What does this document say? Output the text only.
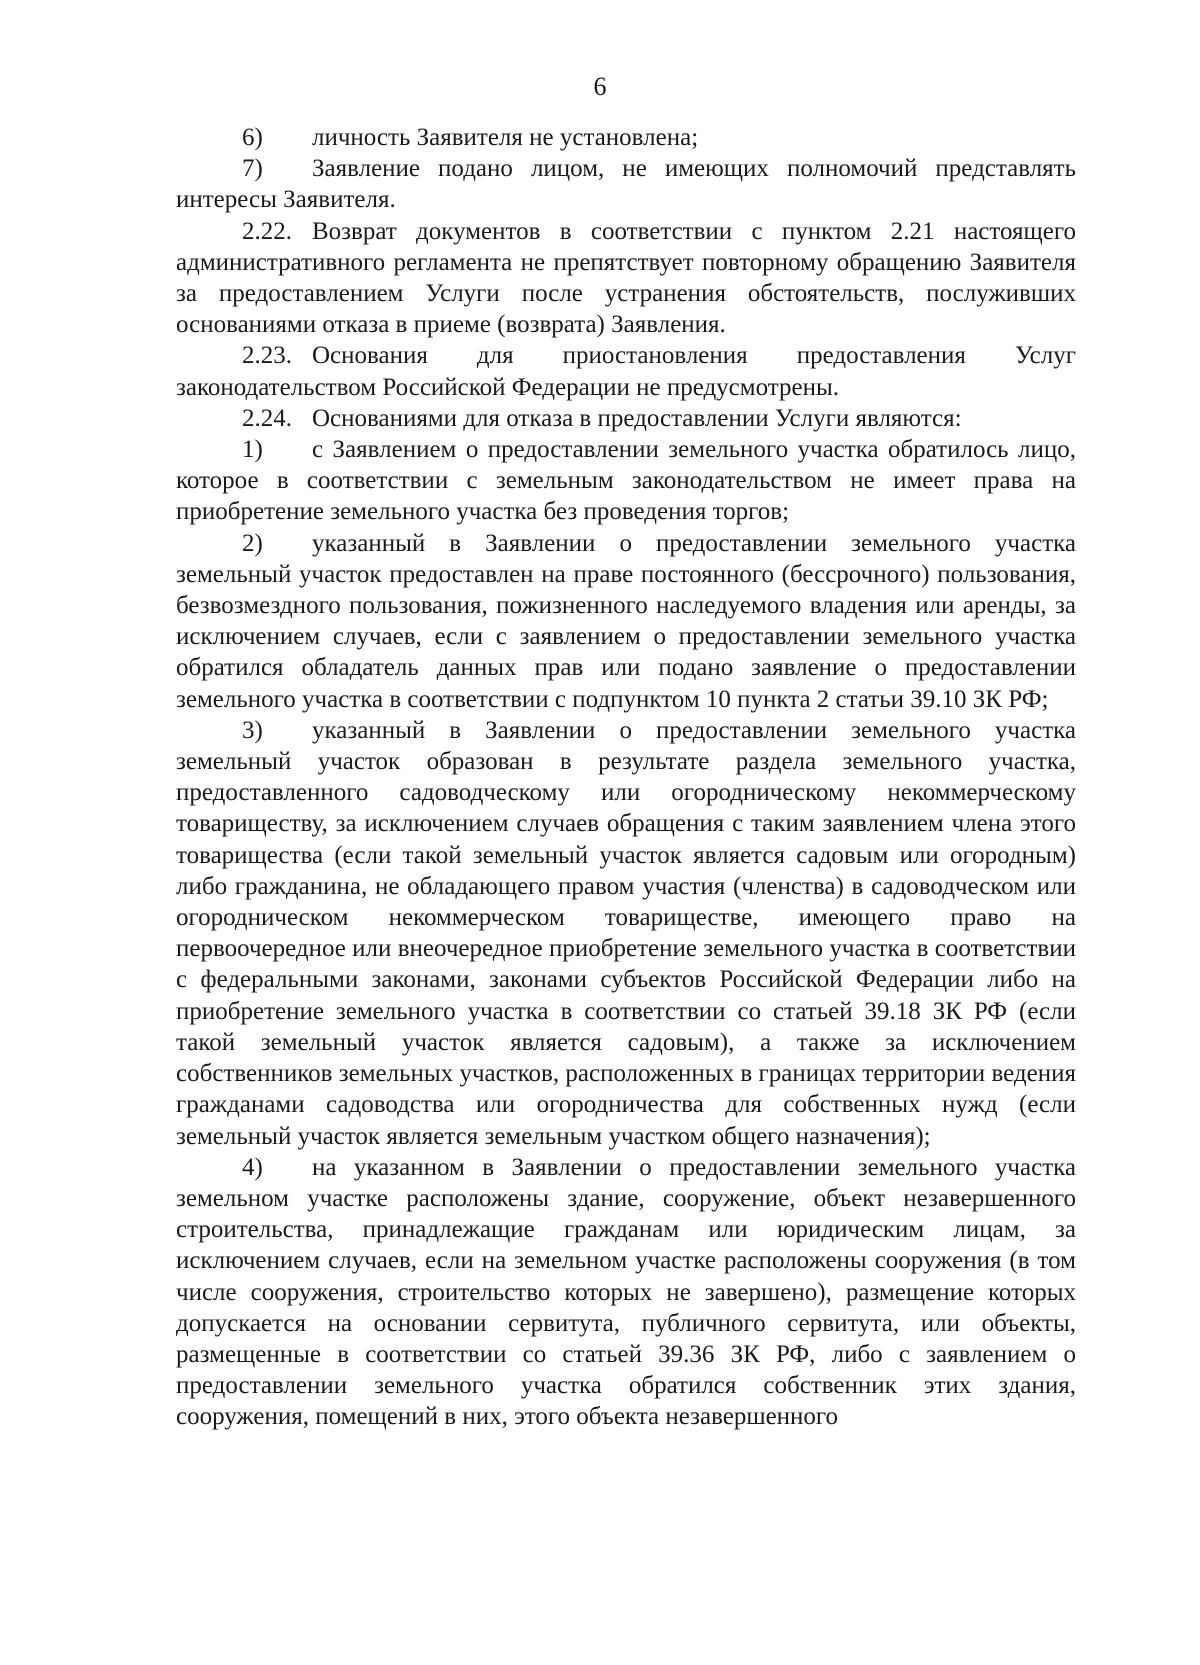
6

6) личность Заявителя не установлена;

7) Заявление подано лицом, не имеющих полномочий представлять интересы Заявителя.

2.22. Возврат документов в соответствии с пунктом 2.21 настоящего административного регламента не препятствует повторному обращению Заявителя за предоставлением Услуги после устранения обстоятельств, послуживших основаниями отказа в приеме (возврата) Заявления.

2.23. Основания для приостановления предоставления Услуг законодательством Российской Федерации не предусмотрены.

2.24. Основаниями для отказа в предоставлении Услуги являются:

1) с Заявлением о предоставлении земельного участка обратилось лицо, которое в соответствии с земельным законодательством не имеет права на приобретение земельного участка без проведения торгов;

2) указанный в Заявлении о предоставлении земельного участка земельный участок предоставлен на праве постоянного (бессрочного) пользования, безвозмездного пользования, пожизненного наследуемого владения или аренды, за исключением случаев, если с заявлением о предоставлении земельного участка обратился обладатель данных прав или подано заявление о предоставлении земельного участка в соответствии с подпунктом 10 пункта 2 статьи 39.10 ЗК РФ;

3) указанный в Заявлении о предоставлении земельного участка земельный участок образован в результате раздела земельного участка, предоставленного садоводческому или огородническому некоммерческому товариществу, за исключением случаев обращения с таким заявлением члена этого товарищества (если такой земельный участок является садовым или огородным) либо гражданина, не обладающего правом участия (членства) в садоводческом или огородническом некоммерческом товариществе, имеющего право на первоочередное или внеочередное приобретение земельного участка в соответствии с федеральными законами, законами субъектов Российской Федерации либо на приобретение земельного участка в соответствии со статьей 39.18 ЗК РФ (если такой земельный участок является садовым), а также за исключением собственников земельных участков, расположенных в границах территории ведения гражданами садоводства или огородничества для собственных нужд (если земельный участок является земельным участком общего назначения);

4) на указанном в Заявлении о предоставлении земельного участка земельном участке расположены здание, сооружение, объект незавершенного строительства, принадлежащие гражданам или юридическим лицам, за исключением случаев, если на земельном участке расположены сооружения (в том числе сооружения, строительство которых не завершено), размещение которых допускается на основании сервитута, публичного сервитута, или объекты, размещенные в соответствии со статьей 39.36 ЗК РФ, либо с заявлением о предоставлении земельного участка обратился собственник этих здания, сооружения, помещений в них, этого объекта незавершенного
